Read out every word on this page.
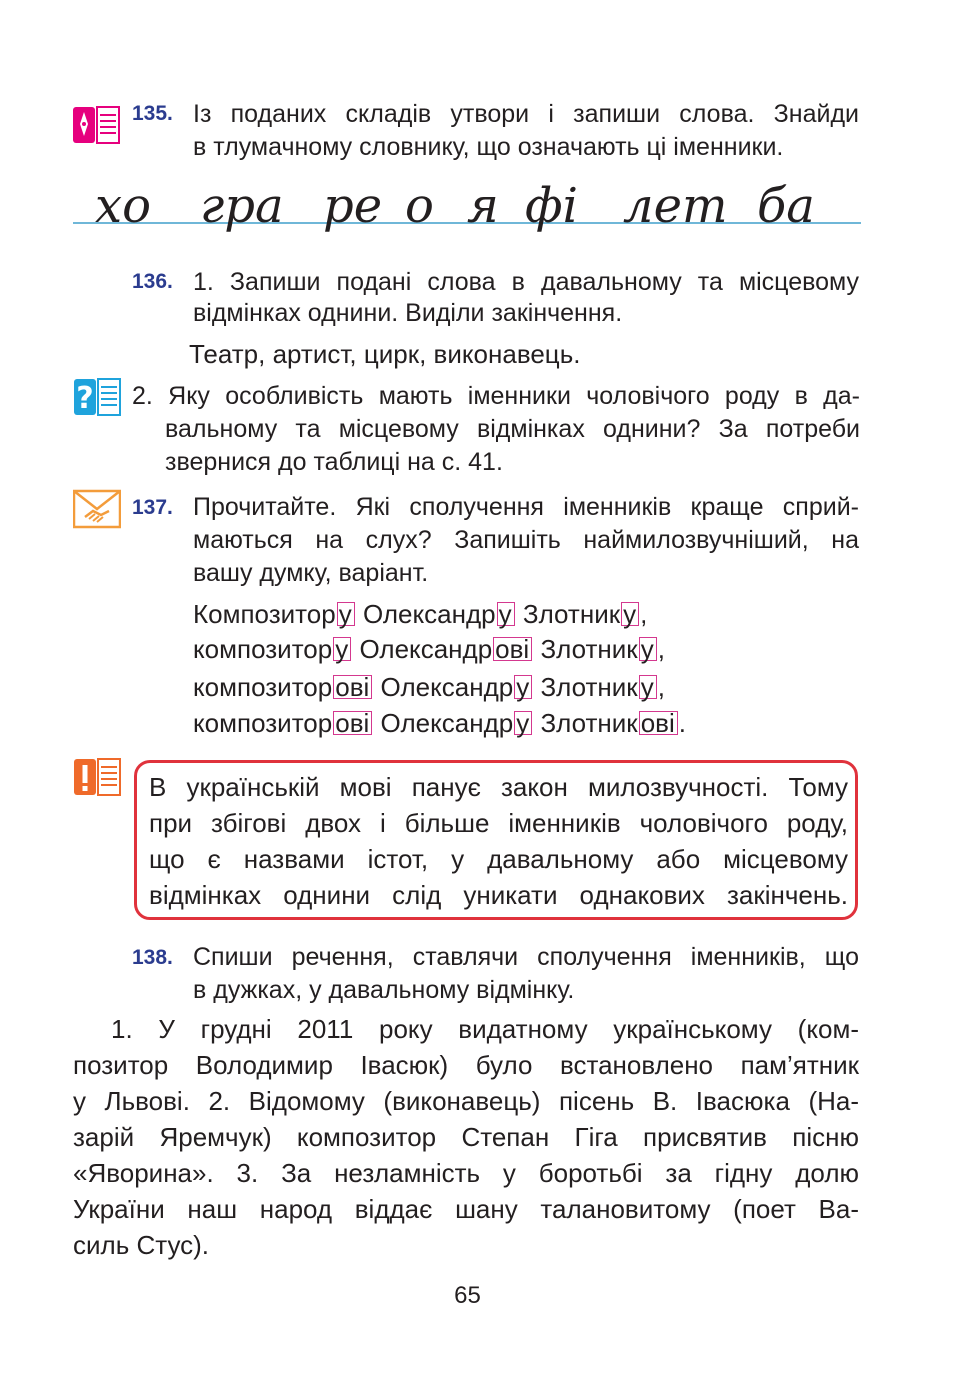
135. Із поданих складів утвори і запиши слова. Знайди
в тлумачному словнику, що означають ці іменники.
хо гра ре о я фі лет ба
136. 1. Запиши подані слова в давальному та місцевому
відмінках однини. Виділи закінчення.
Театр, артист, цирк, виконавець.
? 2. Яку особливість мають іменники чоловічого роду в да-
вальному та місцевому відмінках однини? За потреби
звернися до таблиці на с. 41.
137. Прочитайте. Які сполучення іменників краще сприй-
маються на слух? Запишіть наймилозвучніший, на
вашу думку, варіант.
Композитор у Олександр у Злотник у ,
композитор у Олександр ові Злотник у ,
композитор ові Олександр у Злотник у ,
композитор ові Олександр у Злотник ові .
В українській мові панує закон милозвучності. Тому
при збігові двох і більше іменників чоловічого роду,
що є назвами істот, у давальному або місцевому
відмінках однини слід уникати однакових закінчень.
138. Спиши речення, ставлячи сполучення іменників, що
в дужках, у давальному відмінку.
1. У грудні 2011 року видатному українському (ком-
позитор Володимир Івасюк) було встановлено пам’ятник
у Львові. 2. Відомому (виконавець) пісень В. Івасюка (На-
зарій Яремчук) композитор Степан Гіга присвятив пісню
«Яворина». 3. За незламність у боротьбі за гідну долю
України наш народ віддає шану талановитому (поет Ва-
силь Стус).
65
